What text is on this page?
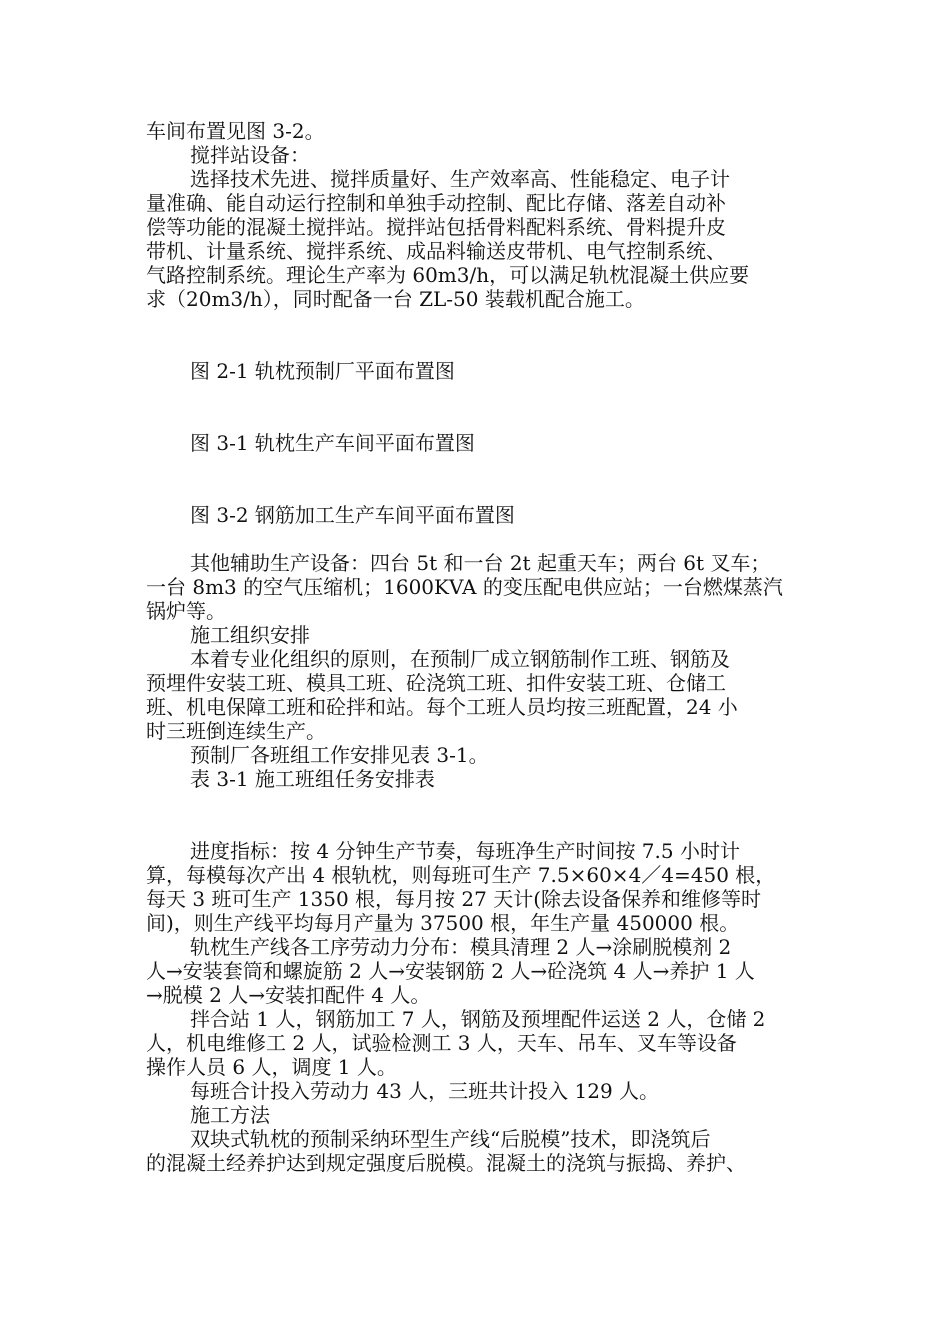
车间布置见图 3-2。

搅拌站设备：

选择技术先进、搅拌质量好、生产效率高、性能稳定、电子计

量准确、能自动运行控制和单独手动控制、配比存储、落差自动补

偿等功能的混凝土搅拌站。搅拌站包括骨料配料系统、骨料提升皮

带机、计量系统、搅拌系统、成品料输送皮带机、电气控制系统、

气路控制系统。理论生产率为 60m3/h，可以满足轨枕混凝土供应要

求（20m3/h），同时配备一台 ZL-50 装载机配合施工。

图 2-1 轨枕预制厂平面布置图

图 3-1 轨枕生产车间平面布置图

图 3-2 钢筋加工生产车间平面布置图

其他辅助生产设备：四台 5t 和一台 2t 起重天车；两台 6t 叉车；

一台 8m3 的空气压缩机；1600KVA 的变压配电供应站；一台燃煤蒸汽

锅炉等。

施工组织安排

本着专业化组织的原则，在预制厂成立钢筋制作工班、钢筋及

预埋件安装工班、模具工班、砼浇筑工班、扣件安装工班、仓储工

班、机电保障工班和砼拌和站。每个工班人员均按三班配置，24 小

时三班倒连续生产。

预制厂各班组工作安排见表 3-1。

表 3-1 施工班组任务安排表

进度指标：按 4 分钟生产节奏，每班净生产时间按 7.5 小时计

算，每模每次产出 4 根轨枕，则每班可生产 7.5×60×4／4=450 根，

每天 3 班可生产 1350 根，每月按 27 天计(除去设备保养和维修等时

间)，则生产线平均每月产量为 37500 根，年生产量 450000 根。

轨枕生产线各工序劳动力分布：模具清理 2 人→涂刷脱模剂 2

人→安装套筒和螺旋筋 2 人→安装钢筋 2 人→砼浇筑 4 人→养护 1 人

→脱模 2 人→安装扣配件 4 人。

拌合站 1 人，钢筋加工 7 人，钢筋及预埋配件运送 2 人，仓储 2

人，机电维修工 2 人，试验检测工 3 人，天车、吊车、叉车等设备

操作人员 6 人，调度 1 人。

每班合计投入劳动力 43 人，三班共计投入 129 人。

施工方法

双块式轨枕的预制采纳环型生产线“后脱模”技术，即浇筑后

的混凝土经养护达到规定强度后脱模。混凝土的浇筑与振捣、养护、
